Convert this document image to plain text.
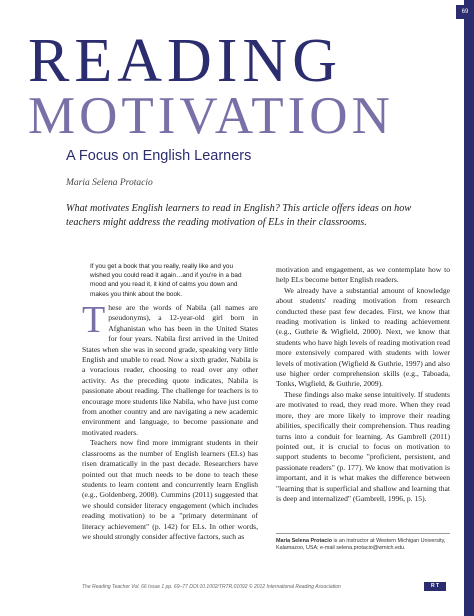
69
READING
MOTIVATION
A Focus on English Learners
Maria Selena Protacio
What motivates English learners to read in English? This article offers ideas on how teachers might address the reading motivation of ELs in their classrooms.
If you get a book that you really, really like and you wished you could read it again…and if you're in a bad mood and you read it, it kind of calms you down and makes you think about the book.

These are the words of Nabila (all names are pseudonyms), a 12-year-old girl born in Afghanistan who has been in the United States for four years. Nabila first arrived in the United States when she was in second grade, speaking very little English and unable to read. Now a sixth grader, Nabila is a voracious reader, choosing to read over any other activity. As the preceding quote indicates, Nabila is passionate about reading. The challenge for teachers is to encourage more students like Nabila, who have just come from another country and are navigating a new academic environment and language, to become passionate and motivated readers.

Teachers now find more immigrant students in their classrooms as the number of English learners (ELs) has risen dramatically in the past decade. Researchers have pointed out that much needs to be done to teach these students to learn content and concurrently learn English (e.g., Goldenberg, 2008). Cummins (2011) suggested that we should consider literacy engagement (which includes reading motivation) to be a "primary determinant of literacy achievement" (p. 142) for ELs. In other words, we should strongly consider affective factors, such as

motivation and engagement, as we contemplate how to help ELs become better English readers.

We already have a substantial amount of knowledge about students' reading motivation from research conducted these past few decades. First, we know that reading motivation is linked to reading achievement (e.g., Guthrie & Wigfield, 2000). Next, we know that students who have high levels of reading motivation read more extensively compared with students with lower levels of motivation (Wigfield & Guthrie, 1997) and also use higher order comprehension skills (e.g., Taboada, Tonks, Wigfield, & Guthrie, 2009).

These findings also make sense intuitively. If students are motivated to read, they read more. When they read more, they are more likely to improve their reading abilities, specifically their comprehension. Thus reading turns into a conduit for learning. As Gambrell (2011) pointed out, it is crucial to focus on motivation to support students to become "proficient, persistent, and passionate readers" (p. 177). We know that motivation is important, and it is what makes the difference between "learning that is superficial and shallow and learning that is deep and internalized" (Gambrell, 1996, p. 15).

Maria Selena Protacio is an instructor at Western Michigan University, Kalamazoo, USA; e-mail selena.protacio@wmich.edu.
The Reading Teacher Vol. 66 Issue 1 pp. 69–77 DOI:10.1002/TRTR.01092 © 2012 International Reading Association	R T
